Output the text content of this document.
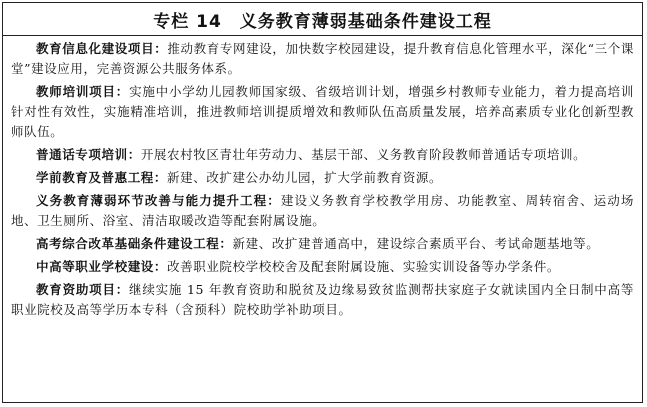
专栏 14 义务教育薄弱基础条件建设工程

教育信息化建设项目：推动教育专网建设，加快数字校园建设，提升教育信息化管理水平，深化“三个课堂”建设应用，完善资源公共服务体系。

教师培训项目：实施中小学幼儿园教师国家级、省级培训计划，增强乡村教师专业能力，着力提高培训针对性有效性，实施精准培训，推进教师培训提质增效和教师队伍高质量发展，培养高素质专业化创新型教师队伍。

普通话专项培训：开展农村牧区青壮年劳动力、基层干部、义务教育阶段教师普通话专项培训。

学前教育及普惠工程：新建、改扩建公办幼儿园，扩大学前教育资源。

义务教育薄弱环节改善与能力提升工程：建设义务教育学校教学用房、功能教室、周转宿舍、运动场地、卫生厕所、浴室、清洁取暖改造等配套附属设施。

高考综合改革基础条件建设工程：新建、改扩建普通高中，建设综合素质平台、考试命题基地等。

中高等职业学校建设：改善职业院校学校校舍及配套附属设施、实验实训设备等办学条件。

教育资助项目：继续实施 15 年教育资助和脱贫及边缘易致贫监测帮扶家庭子女就读国内全日制中高等职业院校及高等学历本专科（含预科）院校助学补助项目。
